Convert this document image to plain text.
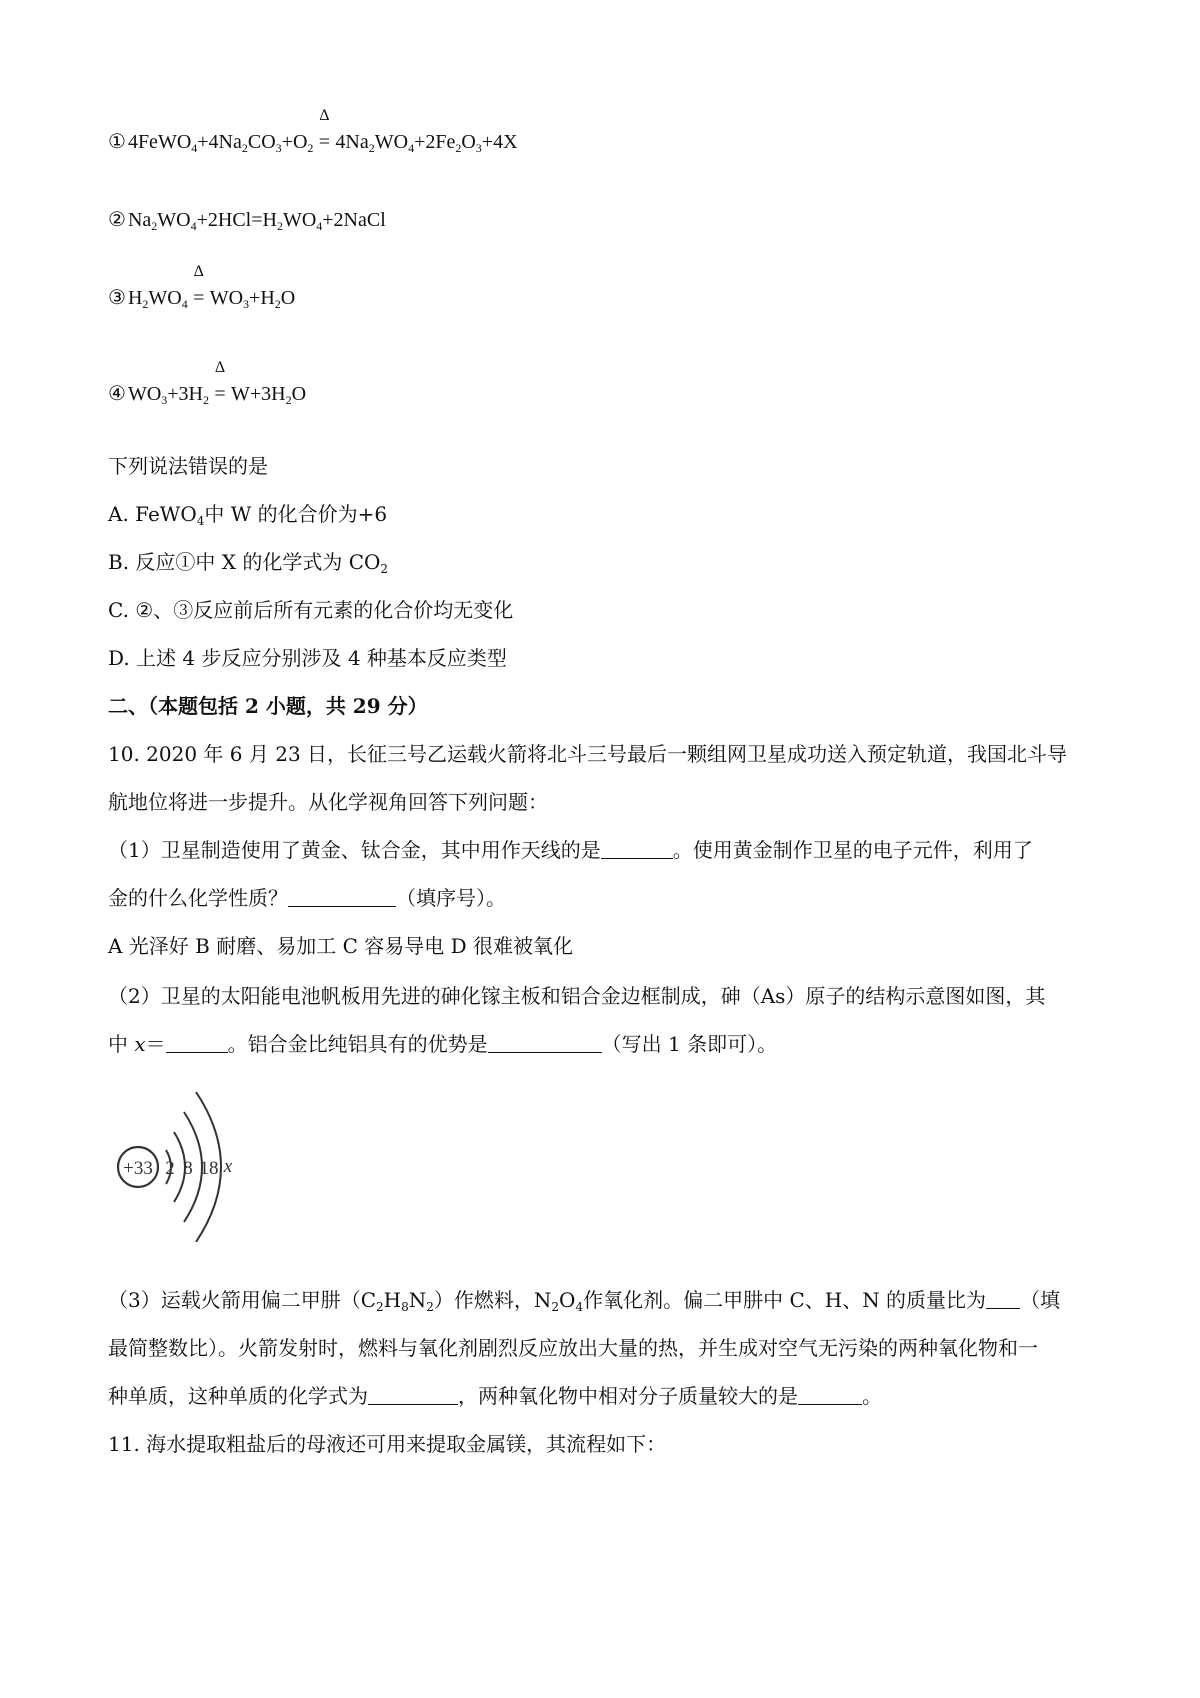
① $4FeWO_4+4Na_2CO_3+O_2$
Δ
= $4Na_2WO_4+2Fe_2O_3+4X$
② $Na_2WO_4+2HCl=H_2WO_4+2NaCl$
③ $H_2WO_4$
Δ
= $WO_3+H_2O$
④ $WO_3+3H_2$
Δ
= $W+3H_2O$
下列说法错误的是
A. FeWO$_4$中 W 的化合价为+6
B. 反应①中 X 的化学式为 $CO_2$
C. ②、③反应前后所有元素的化合价均无变化
D. 上述 4 步反应分别涉及 4 种基本反应类型
二、（本题包括 2 小题，共 29 分）
10. 2020 年 6 月 23 日，长征三号乙运载火箭将北斗三号最后一颗组网卫星成功送入预定轨道，我国北斗导
航地位将进一步提升。从化学视角回答下列问题：
（1）卫星制造使用了黄金、钛合金，其中用作天线的是	。使用黄金制作卫星的电子元件，利用了
金的什么化学性质？	（填序号）。
A 光泽好 B 耐磨、易加工 C 容易导电 D 很难被氧化
（2）卫星的太阳能电池帆板用先进的砷化镓主板和铝合金边框制成，砷（As）原子的结构示意图如图，其
中 x＝	。铝合金比纯铝具有的优势是	（写出 1 条即可）。
+33 2 8 18 x
（3）运载火箭用偏二甲肼$(C_2H_8N_2)$作燃料，$N_2O_4$作氧化剂。偏二甲肼中 C、H、N 的质量比为 （填
最简整数比）。火箭发射时，燃料与氧化剂剧烈反应放出大量的热，并生成对空气无污染的两种氧化物和一
种单质，这种单质的化学式为	，两种氧化物中相对分子质量较大的是	。
11. 海水提取粗盐后的母液还可用来提取金属镁，其流程如下：
